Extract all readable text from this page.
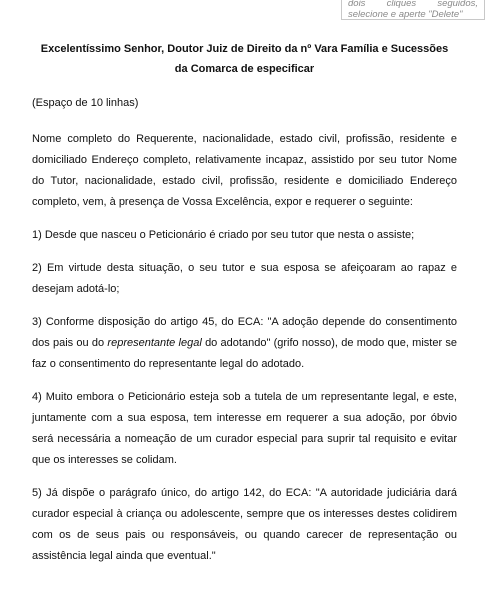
dois cliques seguidos,
selecione e aperte "Delete"

Excelentíssimo Senhor, Doutor Juiz de Direito da nº Vara Família e Sucessões
da Comarca de especificar

(Espaço de 10 linhas)

Nome completo do Requerente, nacionalidade, estado civil, profissão, residente e domiciliado Endereço completo, relativamente incapaz, assistido por seu tutor Nome do Tutor, nacionalidade, estado civil, profissão, residente e domiciliado Endereço completo, vem, à presença de Vossa Excelência, expor e requerer o seguinte:

1) Desde que nasceu o Peticionário é criado por seu tutor que nesta o assiste;

2) Em virtude desta situação, o seu tutor e sua esposa se afeiçoaram ao rapaz e desejam adotá-lo;

3) Conforme disposição do artigo 45, do ECA: "A adoção depende do consentimento dos pais ou do representante legal do adotando" (grifo nosso), de modo que, mister se faz o consentimento do representante legal do adotado.

4) Muito embora o Peticionário esteja sob a tutela de um representante legal, e este, juntamente com a sua esposa, tem interesse em requerer a sua adoção, por óbvio será necessária a nomeação de um curador especial para suprir tal requisito e evitar que os interesses se colidam.

5) Já dispõe o parágrafo único, do artigo 142, do ECA: "A autoridade judiciária dará curador especial à criança ou adolescente, sempre que os interesses destes colidirem com os de seus pais ou responsáveis, ou quando carecer de representação ou assistência legal ainda que eventual."
